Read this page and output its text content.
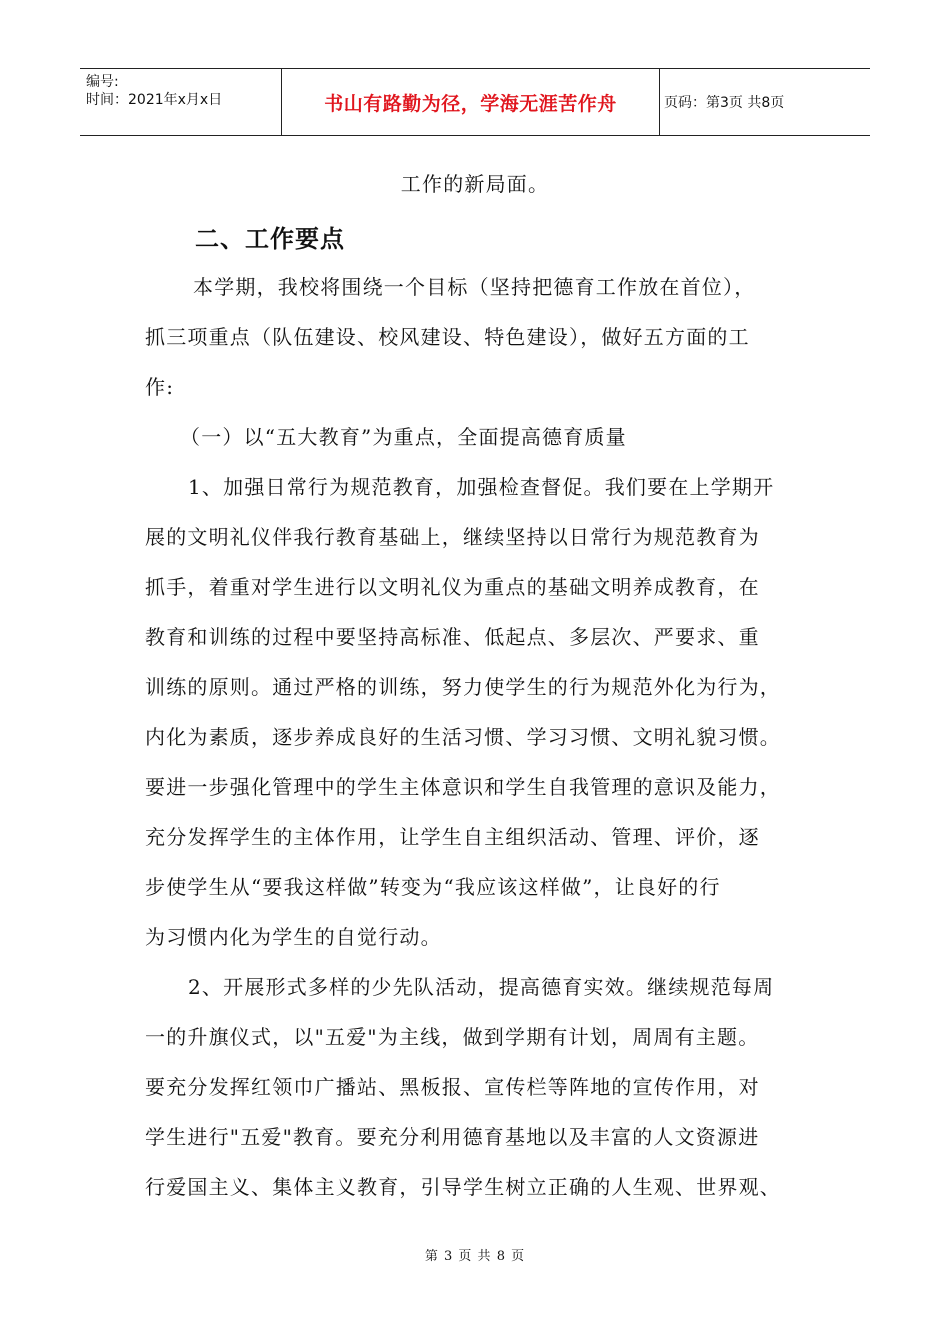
编号:
时间：2021年x月x日	书山有路勤为径，学海无涯苦作舟	页码：第3页 共8页
工作的新局面。
二、工作要点
本学期，我校将围绕一个目标（坚持把德育工作放在首位），
抓三项重点（队伍建设、校风建设、特色建设），做好五方面的工
作:
（一）以“五大教育”为重点，全面提高德育质量
1、加强日常行为规范教育，加强检查督促。我们要在上学期开
展的文明礼仪伴我行教育基础上，继续坚持以日常行为规范教育为
抓手，着重对学生进行以文明礼仪为重点的基础文明养成教育，在
教育和训练的过程中要坚持高标准、低起点、多层次、严要求、重
训练的原则。通过严格的训练，努力使学生的行为规范外化为行为，
内化为素质，逐步养成良好的生活习惯、学习习惯、文明礼貌习惯。
要进一步强化管理中的学生主体意识和学生自我管理的意识及能力，
充分发挥学生的主体作用，让学生自主组织活动、管理、评价，逐
步使学生从“要我这样做”转变为“我应该这样做”，让良好的行
为习惯内化为学生的自觉行动。
2、开展形式多样的少先队活动，提高德育实效。继续规范每周
一的升旗仪式，以"五爱"为主线，做到学期有计划，周周有主题。
要充分发挥红领巾广播站、黑板报、宣传栏等阵地的宣传作用，对
学生进行"五爱"教育。要充分利用德育基地以及丰富的人文资源进
行爱国主义、集体主义教育，引导学生树立正确的人生观、世界观、
第 3 页 共 8 页
